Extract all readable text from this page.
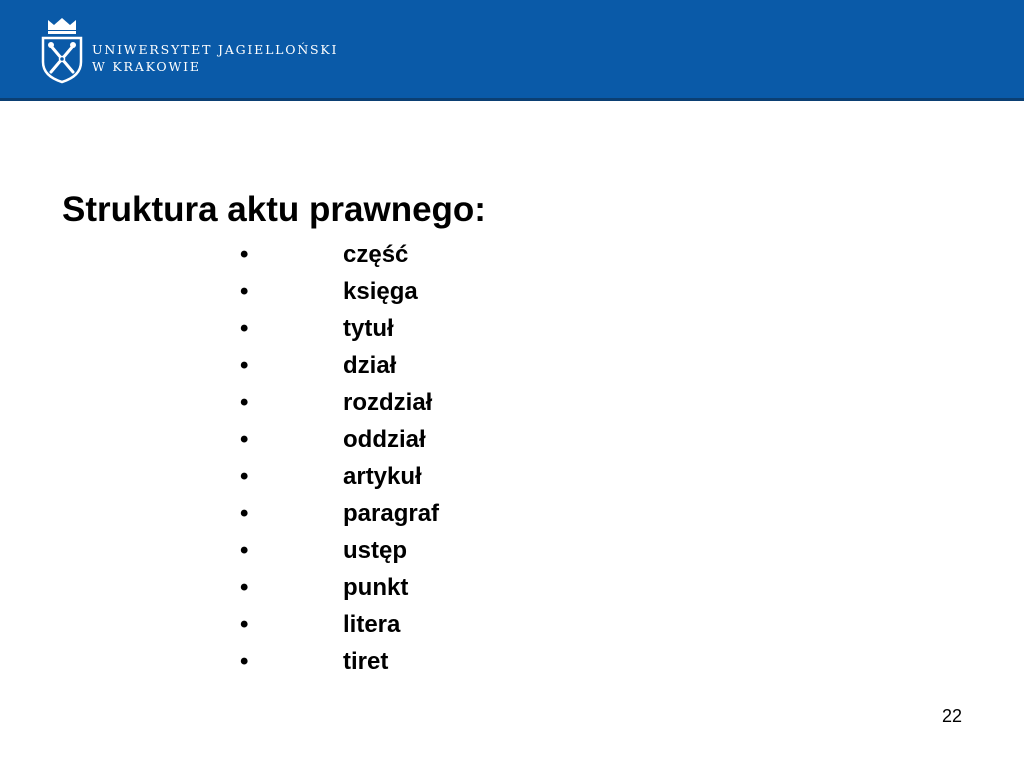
UNIWERSYTET JAGIELLOŃSKI
W KRAKOWIE
Struktura aktu prawnego:
•	część
•	księga
•	tytuł
•	dział
•	rozdział
•	oddział
•	artykuł
•	paragraf
•	ustęp
•	punkt
•	litera
•	tiret
22
